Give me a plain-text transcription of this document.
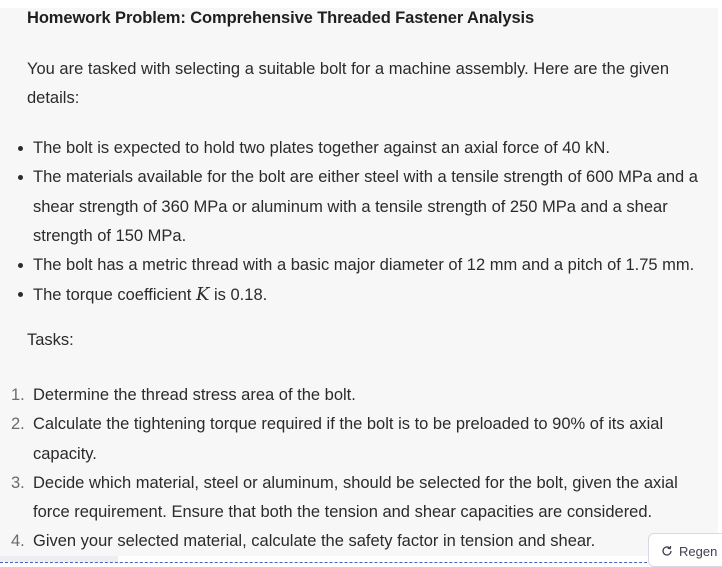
Homework Problem: Comprehensive Threaded Fastener Analysis
You are tasked with selecting a suitable bolt for a machine assembly. Here are the given details:
The bolt is expected to hold two plates together against an axial force of 40 kN.
The materials available for the bolt are either steel with a tensile strength of 600 MPa and a shear strength of 360 MPa or aluminum with a tensile strength of 250 MPa and a shear strength of 150 MPa.
The bolt has a metric thread with a basic major diameter of 12 mm and a pitch of 1.75 mm.
The torque coefficient K is 0.18.
Tasks:
1. Determine the thread stress area of the bolt.
2. Calculate the tightening torque required if the bolt is to be preloaded to 90% of its axial capacity.
3. Decide which material, steel or aluminum, should be selected for the bolt, given the axial force requirement. Ensure that both the tension and shear capacities are considered.
4. Given your selected material, calculate the safety factor in tension and shear.
Regen
